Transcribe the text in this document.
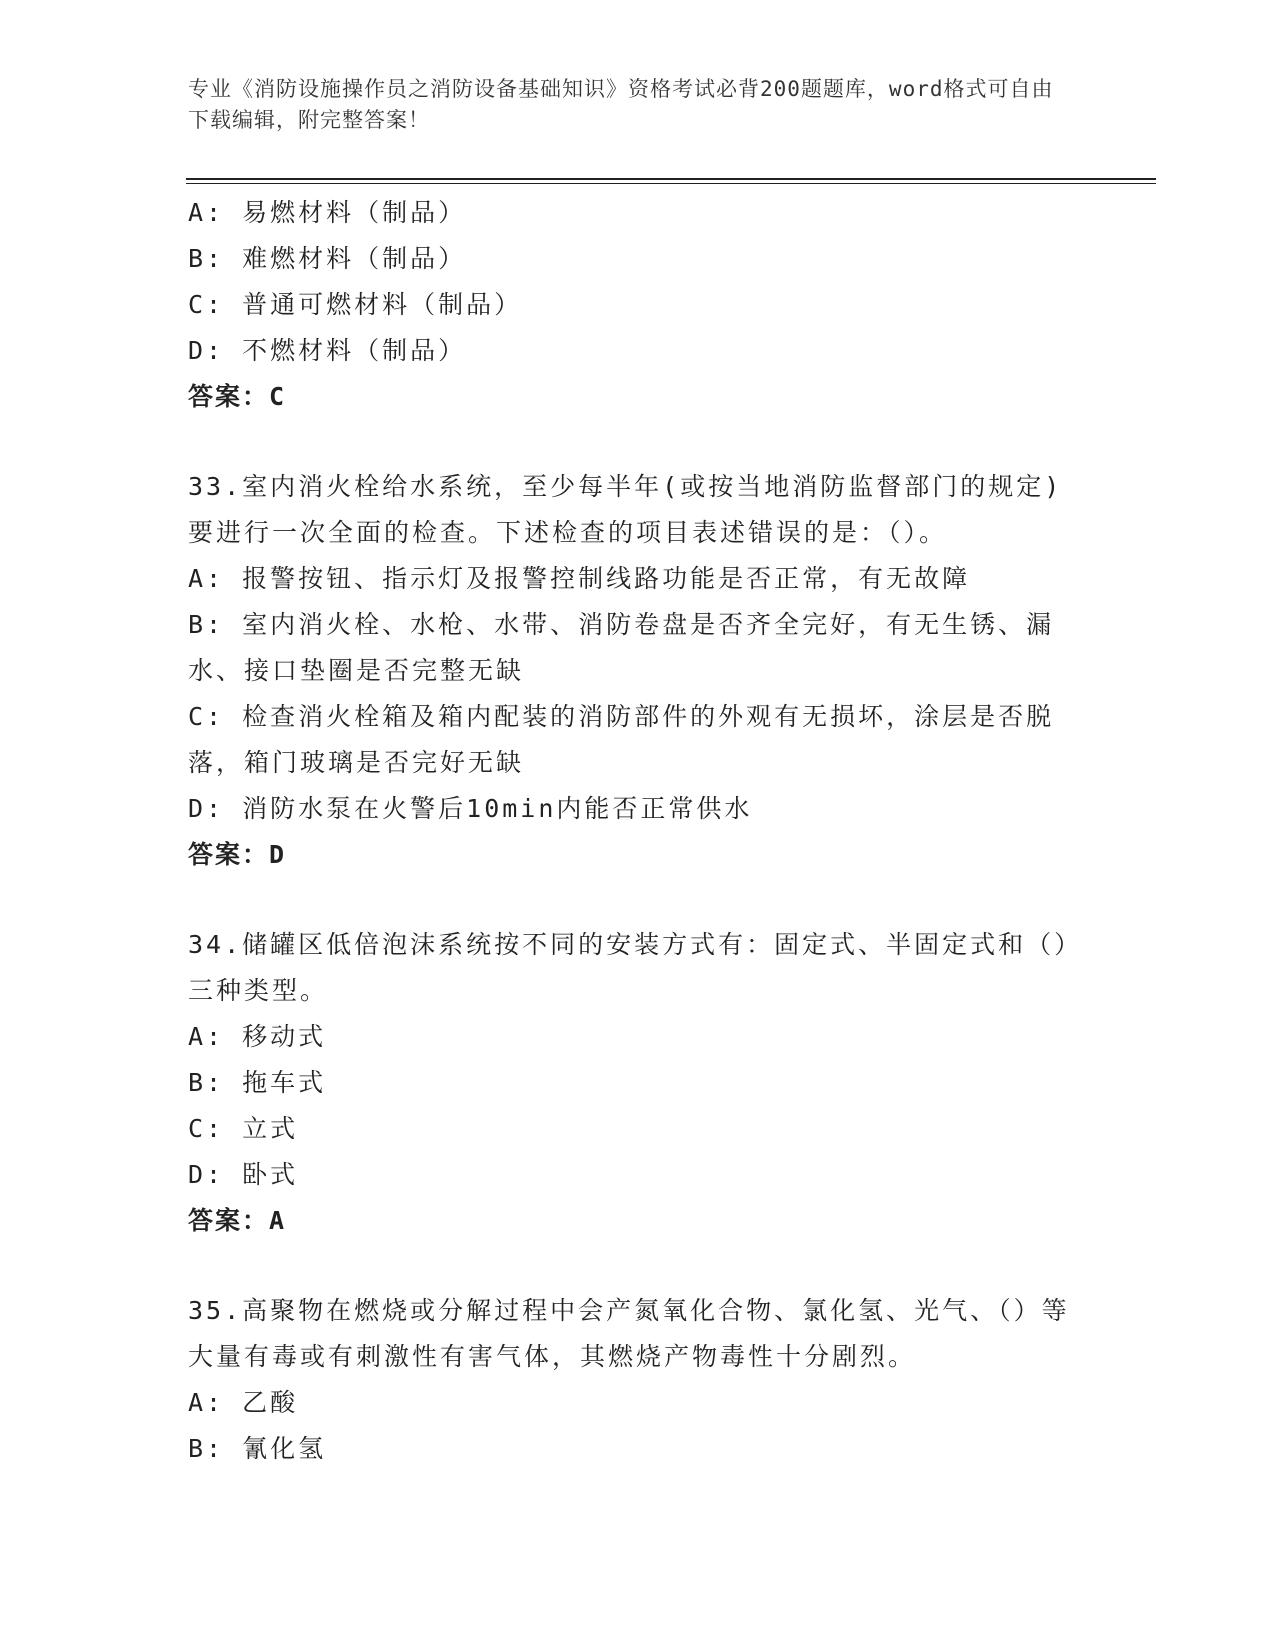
专业《消防设施操作员之消防设备基础知识》资格考试必背200题题库，word格式可自由下载编辑，附完整答案！
A: 易燃材料（制品）
B: 难燃材料（制品）
C: 普通可燃材料（制品）
D: 不燃材料（制品）
答案：C
33.室内消火栓给水系统，至少每半年(或按当地消防监督部门的规定)要进行一次全面的检查。下述检查的项目表述错误的是：（）。
A: 报警按钮、指示灯及报警控制线路功能是否正常，有无故障
B: 室内消火栓、水枪、水带、消防卷盘是否齐全完好，有无生锈、漏水、接口垫圈是否完整无缺
C: 检查消火栓箱及箱内配装的消防部件的外观有无损坏，涂层是否脱落，箱门玻璃是否完好无缺
D: 消防水泵在火警后10min内能否正常供水
答案：D
34.储罐区低倍泡沫系统按不同的安装方式有：固定式、半固定式和（）三种类型。
A: 移动式
B: 拖车式
C: 立式
D: 卧式
答案：A
35.高聚物在燃烧或分解过程中会产氮氧化合物、氯化氢、光气、（）等大量有毒或有刺激性有害气体，其燃烧产物毒性十分剧烈。
A: 乙酸
B: 氰化氢
